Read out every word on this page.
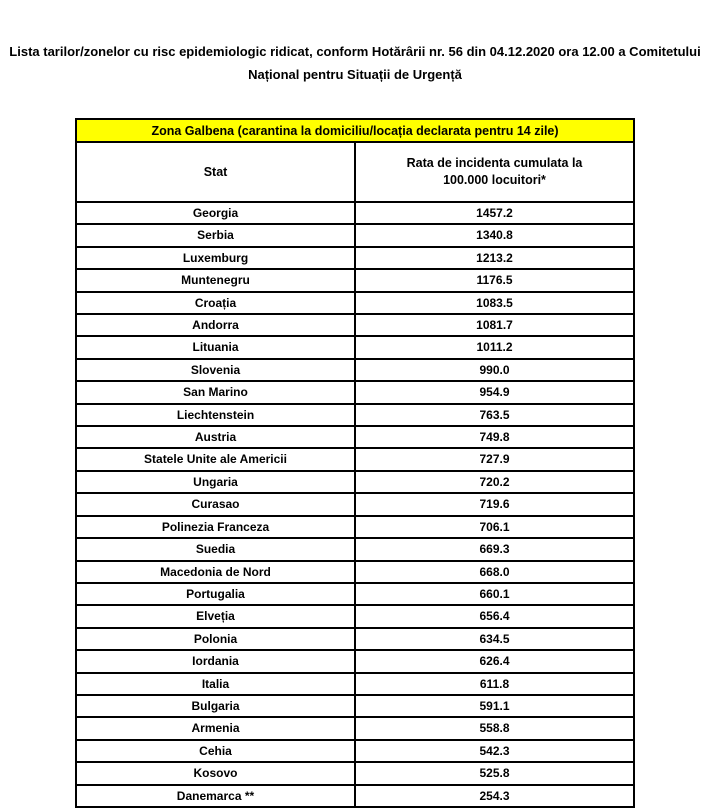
Lista tarilor/zonelor cu risc epidemiologic ridicat, conform Hotărârii nr. 56 din 04.12.2020 ora 12.00 a Comitetului
Național pentru Situații de Urgență
Zona Galbena (carantina la domiciliu/locația declarata pentru 14 zile)	
Stat	Rata de incidenta cumulata la 100.000 locuitori*
Georgia	1457.2
Serbia	1340.8
Luxemburg	1213.2
Muntenegru	1176.5
Croația	1083.5
Andorra	1081.7
Lituania	1011.2
Slovenia	990.0
San Marino	954.9
Liechtenstein	763.5
Austria	749.8
Statele Unite ale Americii	727.9
Ungaria	720.2
Curasao	719.6
Polinezia Franceza	706.1
Suedia	669.3
Macedonia de Nord	668.0
Portugalia	660.1
Elveția	656.4
Polonia	634.5
Iordania	626.4
Italia	611.8
Bulgaria	591.1
Armenia	558.8
Cehia	542.3
Kosovo	525.8
Danemarca **	254.3
